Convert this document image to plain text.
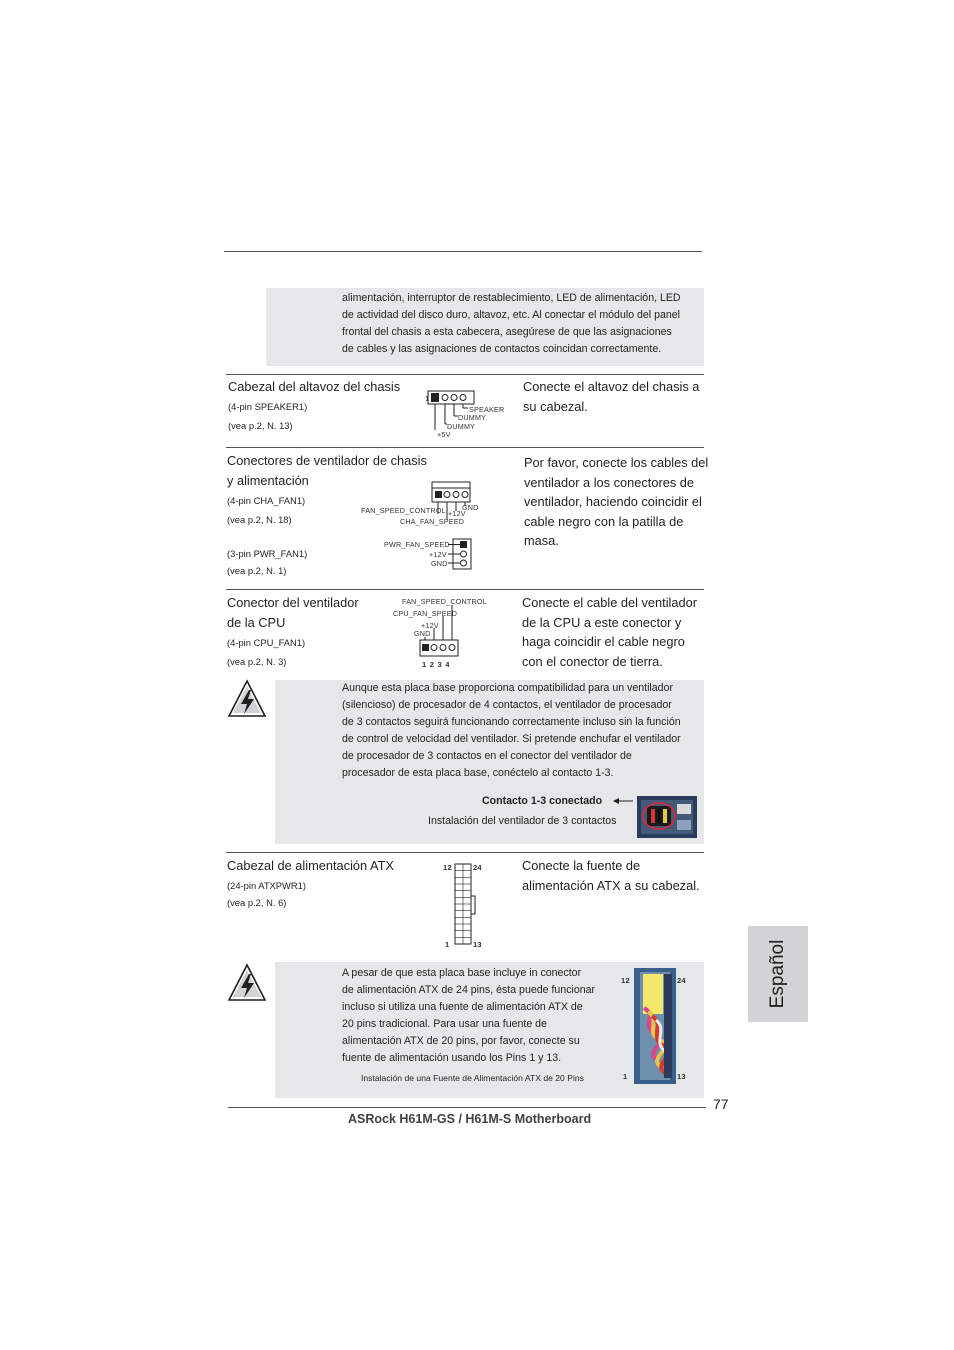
alimentación, interruptor de restablecimiento, LED de alimentación, LED
de actividad del disco duro, altavoz, etc. Al conectar el módulo del panel
frontal del chasis a esta cabecera, asegúrese de que las asignaciones
de cables y las asignaciones de contactos coincidan correctamente.
Cabezal del altavoz del chasis
(4-pin SPEAKER1)
(vea p.2, N. 13)
Conecte el altavoz del chasis a
su cabezal.
SPEAKER
DUMMY
DUMMY
+5V
1
Conectores de ventilador de chasis
y alimentación
(4-pin CHA_FAN1)
(vea p.2, N. 18)
(3-pin PWR_FAN1)
(vea p.2, N. 1)
Por favor, conecte los cables del
ventilador a los conectores de
ventilador, haciendo coincidir el
cable negro con la patilla de
masa.
FAN_SPEED_CONTROL +12V
GND
CHA_FAN_SPEED
PWR_FAN_SPEED
+12V
GND
Conector del ventilador
de la CPU
(4-pin CPU_FAN1)
(vea p.2, N. 3)
Conecte el cable del ventilador
de la CPU a este conector y
haga coincidir el cable negro
con el conector de tierra.
FAN_SPEED_CONTROL
CPU_FAN_SPEED
+12V
GND
1 2 3 4
Aunque esta placa base proporciona compatibilidad para un ventilador
(silencioso) de procesador de 4 contactos, el ventilador de procesador
de 3 contactos seguirá funcionando correctamente incluso sin la función
de control de velocidad del ventilador. Si pretende enchufar el ventilador
de procesador de 3 contactos en el conector del ventilador de
procesador de esta placa base, conéctelo al contacto 1-3.
Contacto 1-3 conectado
Instalación del ventilador de 3 contactos
Cabezal de alimentación ATX
(24-pin ATXPWR1)
(vea p.2, N. 6)
Conecte la fuente de
alimentación ATX a su cabezal.
12	24
1	13
A pesar de que esta placa base incluye in conector
de alimentación ATX de 24 pins, ésta puede funcionar
incluso si utiliza una fuente de alimentación ATX de
20 pins tradicional. Para usar una fuente de
alimentación ATX de 20 pins, por favor, conecte su
fuente de alimentación usando los Pins 1 y 13.
Instalación de una Fuente de Alimentación ATX de 20 Pins
12	24
1	13
77
ASRock H61M-GS / H61M-S Motherboard
Español
